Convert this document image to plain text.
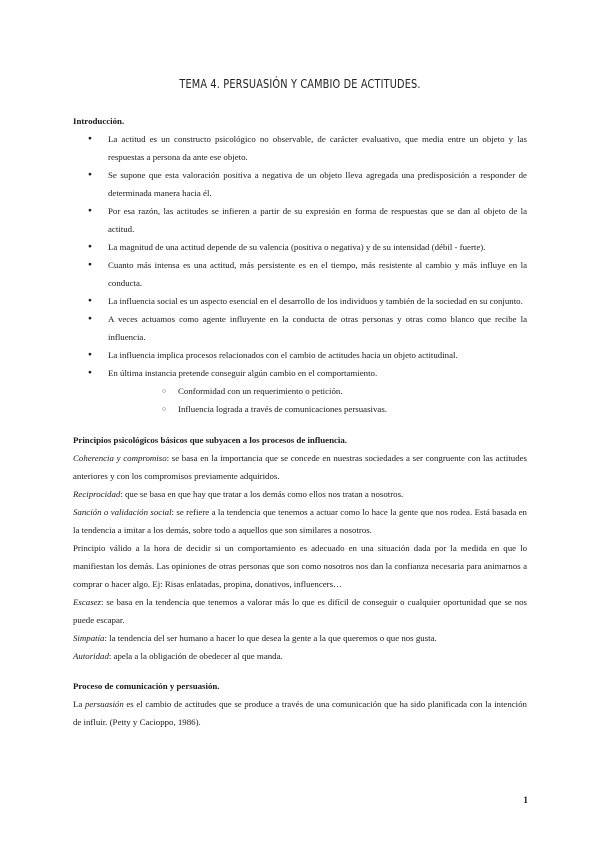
TEMA 4. PERSUASIÓN Y CAMBIO DE ACTITUDES.
Introducción.
● La actitud es un constructo psicológico no observable, de carácter evaluativo, que media entre un objeto y las respuestas a persona da ante ese objeto.
● Se supone que esta valoración positiva a negativa de un objeto lleva agregada una predisposición a responder de determinada manera hacia él.
● Por esa razón, las actitudes se infieren a partir de su expresión en forma de respuestas que se dan al objeto de la actitud.
● La magnitud de una actitud depende de su valencia (positiva o negativa) y de su intensidad (débil - fuerte).
● Cuanto más intensa es una actitud, más persistente es en el tiempo, más resistente al cambio y más influye en la conducta.
● La influencia social es un aspecto esencial en el desarrollo de los individuos y también de la sociedad en su conjunto.
● A veces actuamos como agente influyente en la conducta de otras personas y otras como blanco que recibe la influencia.
● La influencia implica procesos relacionados con el cambio de actitudes hacia un objeto actitudinal.
● En última instancia pretende conseguir algún cambio en el comportamiento.
○ Conformidad con un requerimiento o petición.
○ Influencia lograda a través de comunicaciones persuasivas.
Principios psicológicos básicos que subyacen a los procesos de influencia.

Coherencia y compromiso: se basa en la importancia que se concede en nuestras sociedades a ser congruente con las actitudes anteriores y con los compromisos previamente adquiridos.

Reciprocidad: que se basa en que hay que tratar a los demás como ellos nos tratan a nosotros.

Sanción o validación social: se refiere a la tendencia que tenemos a actuar como lo hace la gente que nos rodea. Está basada en la tendencia a imitar a los demás, sobre todo a aquellos que son similares a nosotros.

Principio válido a la hora de decidir si un comportamiento es adecuado en una situación dada por la medida en que lo manifiestan los demás. Las opiniones de otras personas que son como nosotros nos dan la confianza necesaria para animarnos a comprar o hacer algo. Ej: Risas enlatadas, propina, donativos, influencers…

Escasez: se basa en la tendencia que tenemos a valorar más lo que es difícil de conseguir o cualquier oportunidad que se nos puede escapar.

Simpatía: la tendencia del ser humano a hacer lo que desea la gente a la que queremos o que nos gusta.

Autoridad: apela a la obligación de obedecer al que manda.

Proceso de comunicación y persuasión.

La persuasión es el cambio de actitudes que se produce a través de una comunicación que ha sido planificada con la intención de influir. (Petty y Cacioppo, 1986).

1
